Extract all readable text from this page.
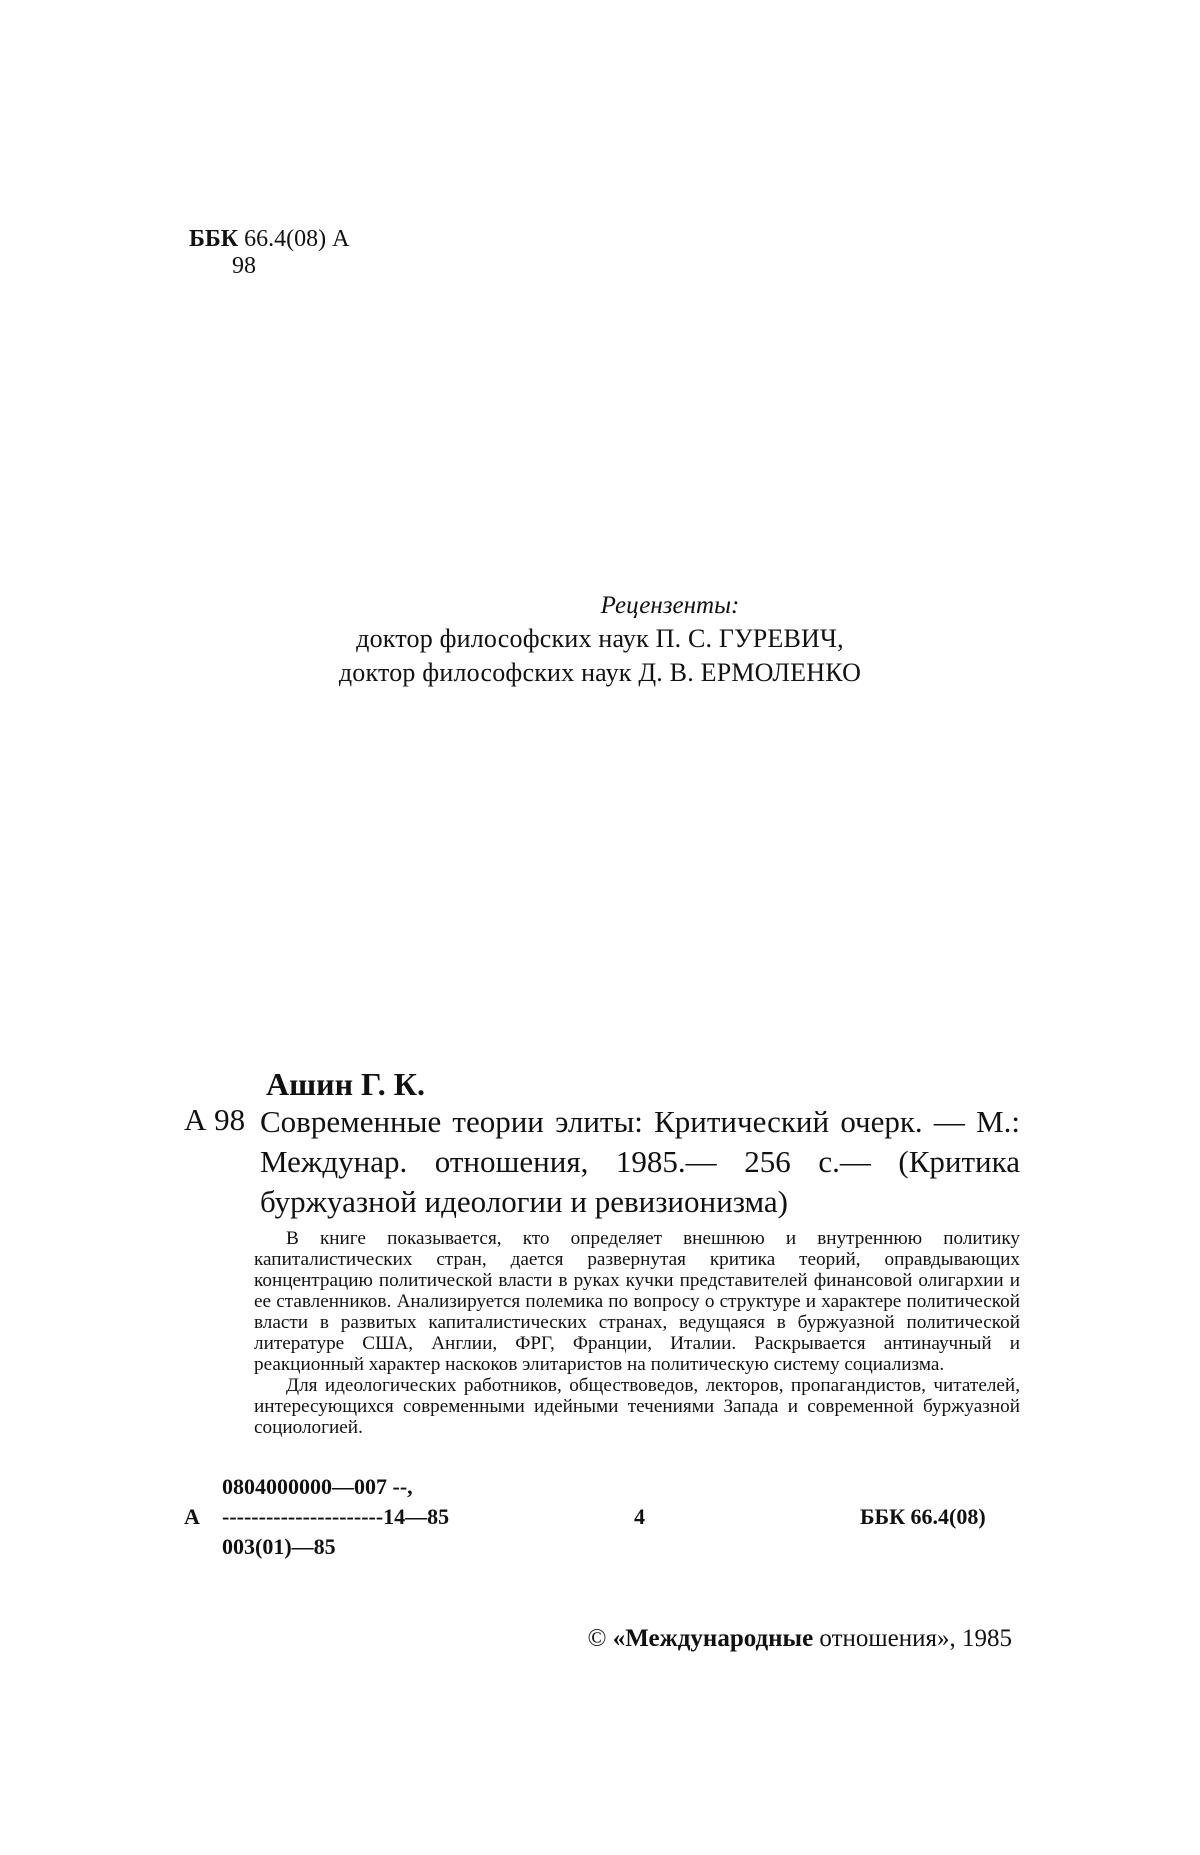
ББК 66.4(08) А
98
Рецензенты:
доктор философских наук П. С. ГУРЕВИЧ,
доктор философских наук Д. В. ЕРМОЛЕНКО
Ашин Г. К.
А 98 Современные теории элиты: Критический очерк. — М.: Междунар. отношения, 1985.— 256 с.— (Критика буржуазной идеологии и ревизионизма)

В книге показывается, кто определяет внешнюю и внутреннюю политику капиталистических стран, дается развернутая критика теорий, оправдывающих концентрацию политической власти в руках кучки представителей финансовой олигархии и ее ставленников. Анализируется полемика по вопросу о структуре и характере политической власти в развитых капиталистических странах, ведущаяся в буржуазной политической литературе США, Англии, ФРГ, Франции, Италии. Раскрывается антинаучный и реакционный характер наскоков элитаристов на политическую систему социализма.

Для идеологических работников, обществоведов, лекторов, пропагандистов, читателей, интересующихся современными идейными течениями Запада и современной буржуазной социологией.

0804000000—007 --,
А ----------------------14—85
003(01)—85
4	ББК 66.4(08)
© «Международные отношения», 1985
